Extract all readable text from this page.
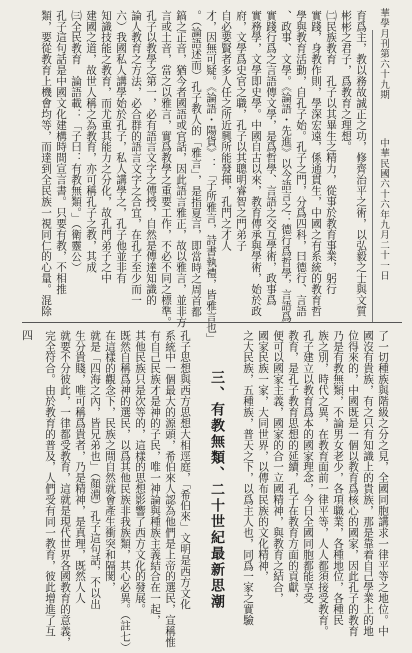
華學月刊第六十九期
中華民國六十六年九月二十一日
育爲主，教以務故誠正之功，修齊治平之術，以弘毅之士與文質
彬彬之君子，爲教育之理想。
㈡民族教育　孔子以其畢生之精力，從事於教育事業，躬行
實踐，身教作則，學深宏遠，係通貫生，中國之有系統的教育哲
學與教育活動，自孔子始。孔子之門，分爲四科，曰德行、言語
、政事、文學。《論語・先進》以今語言之：德行爲哲學，言語爲
實踐行爲之言語傳文學，是爲哲學、言語之交互學術，政事爲
實務學，文學即史學。中國自古以來，教育傳承與學術，始於政
府，文學爲史官之職，孔子以其聰明睿智之門弟子
自必要賢者多人任之所近興所能發揮，孔門之才人
才，因無可疑。《論語・陽貨》：「子所雅言，詩書執禮，皆雅言也」
。（論語述而）孔子教人的「雅言」，是指夏言，即當時之周首都
鎬之正音，猶今者國語或官話，因此語言雅正，故以雅言，並非方
言或土音，當之以雅言，實爲教學之重要工作，不必不同之標準。
孔子以教學之第一，必有語言文字之傳授，自然是傳達知識的
論人教育之方法，必合群的語言文字之合宜，在孔子至少而一
六）我國私人講學始於孔子，私人講學之，孔子他並非有
知識技能之教育，而尤重其能力之分化，故孔門弟子之中
建國之道，故世人稱之為教育，亦可稱孔子之教，其成
㈢全民教育　論語載：「子曰：有教無類。」（衛靈公）
孔子這句話是中國文化建構時間宣言書。只要有教，不相推
類，要從教育上機會均等，而達到全民族一視同仁的心量。混除
四	了一切種族與階級之分之見，全國同胞講求一律平等之地位。中
國沒有貴族，有之只有知識上的貴族，那是靠着自己學業上的地
位得來的，中國既是一個以教育爲核心的國家，因此孔子的教育
乃是有教無類，不論男女老少，各項職業，各種地位，各種民
族之別，時代之異，在教育面前一律平等，人人都須接受教育。
孔子建立以教育爲本的國家理念，今日全國同胞都能享受
教育，是孔子教育思想的延續，孔子在教育方面的貢獻，
便可以國家主義，國家的合一立國精神，與教育之結合，
國家民族一家，大同世界，以傳布民族的文化精神，
之大民族，五種族，普天之下，以爲主人也，同爲一家之實驗
三、有教無類、二十世紀最新思潮
孔子思想與西方思想大相逕庭，「希伯來」文明是西方文化
系統中一個最大的源頭，希伯來人認為他們是上帝的選民，宣稱惟
有自己民族才是神的子民，唯一神論與種族主義結合在一起，
其他民族只是次等的，這樣的思想影響了西方文化的發展。
既然自稱爲神的選民，以爲其他民族非我族類，其心必異。（註七）
在這樣的觀念下，民族之間自然就會產生衝突和隔閡，
就是「四海之內，皆兄弟也」（顏淵）孔子這句話，不以出
生分貴賤，唯可稱爲貴者，乃是精神，是真理，既然人人
就要不分彼此，一律都受教育，這就是現代世界各國教育的意義，
完全符合。由於教育的普及，人們受有同一教育，彼此增進了互
